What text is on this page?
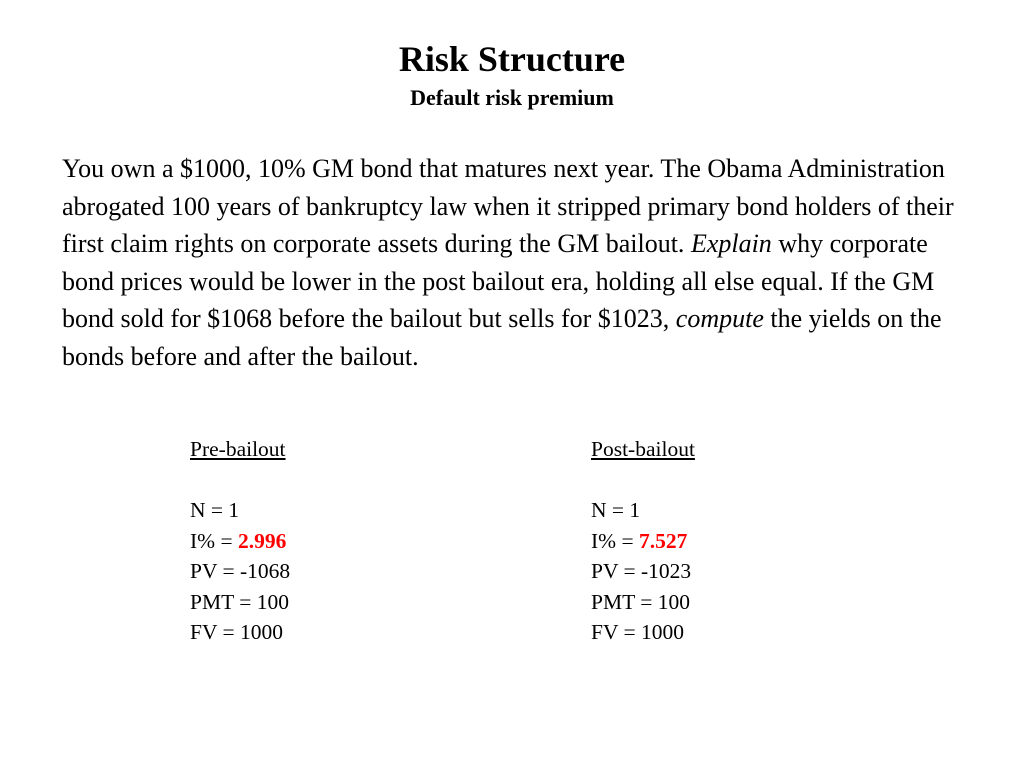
Risk Structure
Default risk premium
You own a $1000, 10% GM bond that matures next year. The Obama Administration abrogated 100 years of bankruptcy law when it stripped primary bond holders of their first claim rights on corporate assets during the GM bailout. Explain why corporate bond prices would be lower in the post bailout era, holding all else equal. If the GM bond sold for $1068 before the bailout but sells for $1023, compute the yields on the bonds before and after the bailout.
Pre-bailout
N = 1
I% = 2.996
PV = -1068
PMT = 100
FV = 1000
Post-bailout
N = 1
I% = 7.527
PV = -1023
PMT = 100
FV = 1000
